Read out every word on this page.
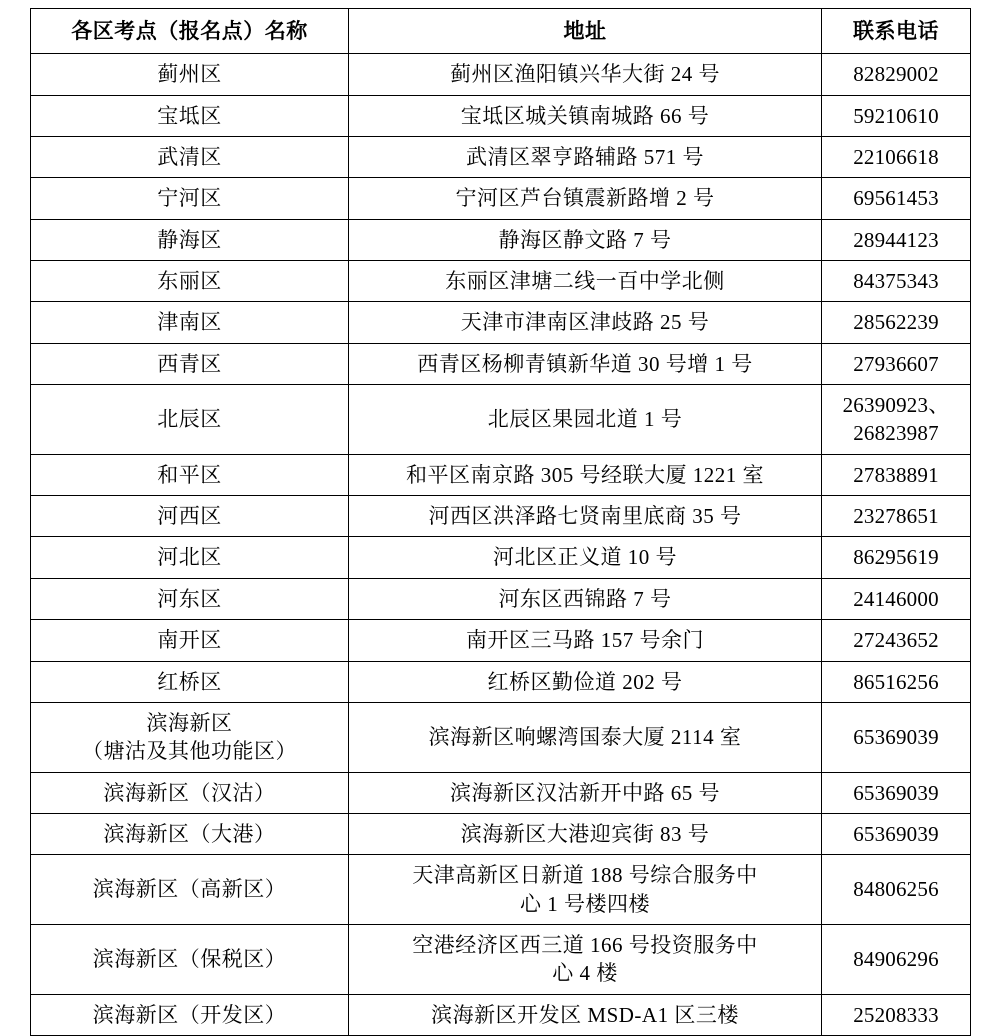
各区考点（报名点）名称	地址	联系电话
蓟州区	蓟州区渔阳镇兴华大街 24 号	82829002
宝坻区	宝坻区城关镇南城路 66 号	59210610
武清区	武清区翠亨路辅路 571 号	22106618
宁河区	宁河区芦台镇震新路增 2 号	69561453
静海区	静海区静文路 7 号	28944123
东丽区	东丽区津塘二线一百中学北侧	84375343
津南区	天津市津南区津歧路 25 号	28562239
西青区	西青区杨柳青镇新华道 30 号增 1 号	27936607
北辰区	北辰区果园北道 1 号	26390923、
26823987

和平区	和平区南京路 305 号经联大厦 1221 室	27838891
河西区	河西区洪泽路七贤南里底商 35 号	23278651
河北区	河北区正义道 10 号	86295619
河东区	河东区西锦路 7 号	24146000
南开区	南开区三马路 157 号余门	27243652
红桥区	红桥区勤俭道 202 号	86516256

滨海新区
（塘沽及其他功能区）	滨海新区响螺湾国泰大厦 2114 室	65369039
滨海新区（汉沽）	滨海新区汉沽新开中路 65 号	65369039
滨海新区（大港）	滨海新区大港迎宾街 83 号	65369039
滨海新区（高新区）	天津高新区日新道 188 号综合服务中
心 1 号楼四楼	84806256
滨海新区（保税区）	空港经济区西三道 166 号投资服务中
心 4 楼	84906296
滨海新区（开发区）	滨海新区开发区 MSD-A1 区三楼	25208333
